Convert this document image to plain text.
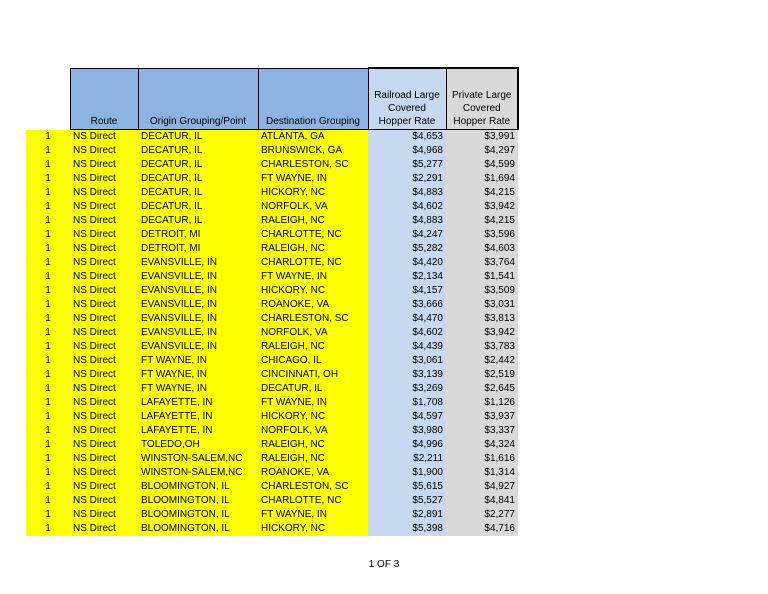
	Route	Origin Grouping/Point	Destination Grouping	Railroad Large Covered Hopper Rate	Private Large Covered Hopper Rate
1	NS Direct	DECATUR, IL	ATLANTA, GA	$4,653	$3,991
1	NS Direct	DECATUR, IL	BRUNSWICK, GA	$4,968	$4,297
1	NS Direct	DECATUR, IL	CHARLESTON, SC	$5,277	$4,599
1	NS Direct	DECATUR, IL	FT WAYNE, IN	$2,291	$1,694
1	NS Direct	DECATUR, IL	HICKORY, NC	$4,883	$4,215
1	NS Direct	DECATUR, IL	NORFOLK, VA	$4,602	$3,942
1	NS Direct	DECATUR, IL	RALEIGH, NC	$4,883	$4,215
1	NS Direct	DETROIT, MI	CHARLOTTE, NC	$4,247	$3,596
1	NS Direct	DETROIT, MI	RALEIGH, NC	$5,282	$4,603
1	NS Direct	EVANSVILLE, IN	CHARLOTTE, NC	$4,420	$3,764
1	NS Direct	EVANSVILLE, IN	FT WAYNE, IN	$2,134	$1,541
1	NS Direct	EVANSVILLE, IN	HICKORY, NC	$4,157	$3,509
1	NS Direct	EVANSVILLE, IN	ROANOKE, VA	$3,666	$3,031
1	NS Direct	EVANSVILLE, IN	CHARLESTON, SC	$4,470	$3,813
1	NS Direct	EVANSVILLE, IN	NORFOLK, VA	$4,602	$3,942
1	NS Direct	EVANSVILLE, IN	RALEIGH, NC	$4,439	$3,783
1	NS Direct	FT WAYNE, IN	CHICAGO, IL	$3,061	$2,442
1	NS Direct	FT WAYNE, IN	CINCINNATI, OH	$3,139	$2,519
1	NS Direct	FT WAYNE, IN	DECATUR, IL	$3,269	$2,645
1	NS Direct	LAFAYETTE, IN	FT WAYNE, IN	$1,708	$1,126
1	NS Direct	LAFAYETTE, IN	HICKORY, NC	$4,597	$3,937
1	NS Direct	LAFAYETTE, IN	NORFOLK, VA	$3,980	$3,337
1	NS Direct	TOLEDO,OH	RALEIGH, NC	$4,996	$4,324
1	NS Direct	WINSTON-SALEM,NC	RALEIGH, NC	$2,211	$1,616
1	NS Direct	WINSTON-SALEM,NC	ROANOKE, VA	$1,900	$1,314
1	NS Direct	BLOOMINGTON, IL	CHARLESTON, SC	$5,615	$4,927
1	NS Direct	BLOOMINGTON, IL	CHARLOTTE, NC	$5,527	$4,841
1	NS Direct	BLOOMINGTON, IL	FT WAYNE, IN	$2,891	$2,277
1	NS Direct	BLOOMINGTON, IL	HICKORY, NC	$5,398	$4,716
1 OF 3
